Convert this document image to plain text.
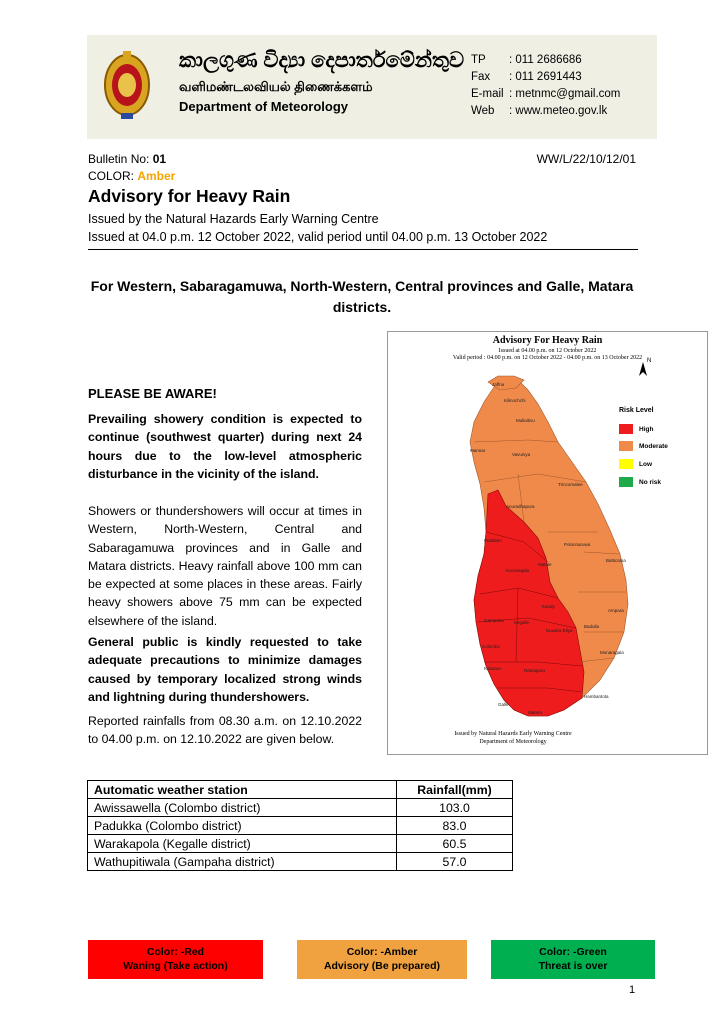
කාලගුණ විද්‍යා දෙපාර්තමේන්තුව
வளிமண்டலவியல் திணைக்களம்
Department of Meteorology
TP	: 011 2686686
Fax	: 011 2691443
E-mail : metnmc@gmail.com
Web	: www.meteo.gov.lk
Bulletin No: 01	WW/L/22/10/12/01
COLOR: Amber
Advisory for Heavy Rain
Issued by the Natural Hazards Early Warning Centre
Issued at 04.0 p.m. 12 October 2022, valid period until 04.00 p.m. 13 October 2022
For Western, Sabaragamuwa, North-Western, Central provinces and Galle, Matara districts.
Advisory For Heavy Rain
Issued at 04.00 p.m. on 12 October 2022
Valid period : 04.00 p.m. on 12 October 2022 - 04.00 p.m. on 13 October 2022 N
Risk Level
High
Moderate
Low
No risk
Issued by Natural Hazards Early Warning Centre
Department of Meteorology
Jaffna
Kilinochchi
Mullaitivu
Mannar
Vavuniya
Trincomalee
Anuradhapura
Puttalam
Polonnaruwa
Batticaloa
Kurunegala
Matale
Kandy
Ampara
Gampaha Kegalle
Nuwara Eliya
Badulla
Colombo
Monaragala
Kalutara	Ratnapura
Hambantota
Galle
Matara
PLEASE BE AWARE!
Prevailing showery condition is expected to continue (southwest quarter) during next 24 hours due to the low-level atmospheric disturbance in the vicinity of the island.
Showers or thundershowers will occur at times in Western, North-Western, Central and Sabaragamuwa provinces and in Galle and Matara districts. Heavy rainfall above 100 mm can be expected at some places in these areas. Fairly heavy showers above 75 mm can be expected elsewhere of the island.
General public is kindly requested to take adequate precautions to minimize damages caused by temporary localized strong winds and lightning during thundershowers.
Reported rainfalls from 08.30 a.m. on 12.10.2022 to 04.00 p.m. on 12.10.2022 are given below.
Automatic weather station	Rainfall(mm)
Awissawella (Colombo district)	103.0
Padukka (Colombo district)	83.0
Warakapola (Kegalle district)	60.5
Wathupitiwala (Gampaha district)	57.0
Color: -Red
Waning (Take action)
Color: -Amber
Advisory (Be prepared)
Color: -Green
Threat is over
1
